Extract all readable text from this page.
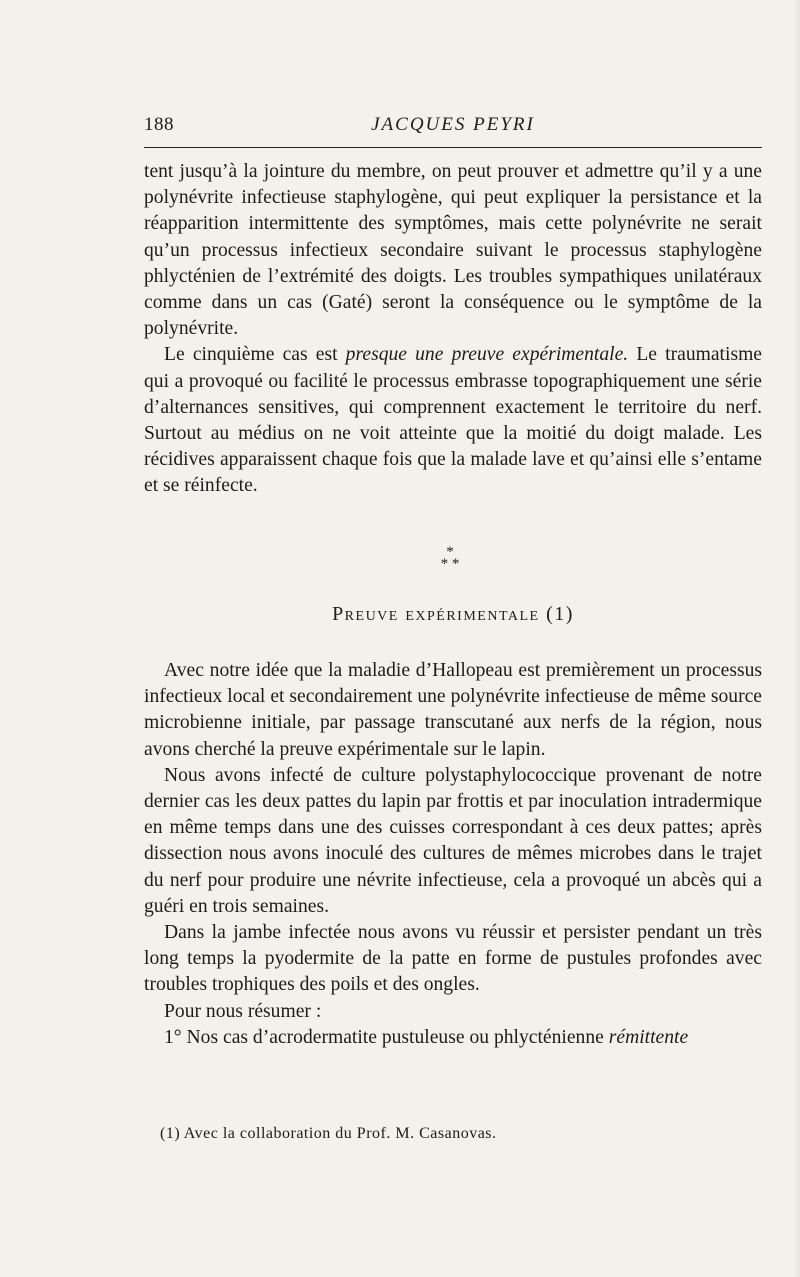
188	JACQUES PEYRI

tent jusqu’à la jointure du membre, on peut prouver et admettre qu’il y a une polynévrite infectieuse staphylogène, qui peut expliquer la persistance et la réapparition intermittente des symptômes, mais cette polynévrite ne serait qu’un processus infectieux secondaire suivant le processus staphylogène phlycténien de l’extrémité des doigts. Les troubles sympathiques unilatéraux comme dans un cas (Gaté) seront la conséquence ou le symptôme de la polynévrite.

Le cinquième cas est presque une preuve expérimentale. Le traumatisme qui a provoqué ou facilité le processus embrasse topographiquement une série d’alternances sensitives, qui comprennent exactement le territoire du nerf. Surtout au médius on ne voit atteinte que la moitié du doigt malade. Les récidives apparaissent chaque fois que la malade lave et qu’ainsi elle s’entame et se réinfecte.

*
* *
Preuve expérimentale (1)

Avec notre idée que la maladie d’Hallopeau est premièrement un processus infectieux local et secondairement une polynévrite infectieuse de même source microbienne initiale, par passage transcutané aux nerfs de la région, nous avons cherché la preuve expérimentale sur le lapin.

Nous avons infecté de culture polystaphylococcique provenant de notre dernier cas les deux pattes du lapin par frottis et par inoculation intradermique en même temps dans une des cuisses correspondant à ces deux pattes; après dissection nous avons inoculé des cultures de mêmes microbes dans le trajet du nerf pour produire une névrite infectieuse, cela a provoqué un abcès qui a guéri en trois semaines.

Dans la jambe infectée nous avons vu réussir et persister pendant un très long temps la pyodermite de la patte en forme de pustules profondes avec troubles trophiques des poils et des ongles.

Pour nous résumer :

1° Nos cas d’acrodermatite pustuleuse ou phlycténienne rémittente

(1) Avec la collaboration du Prof. M. Casanovas.
